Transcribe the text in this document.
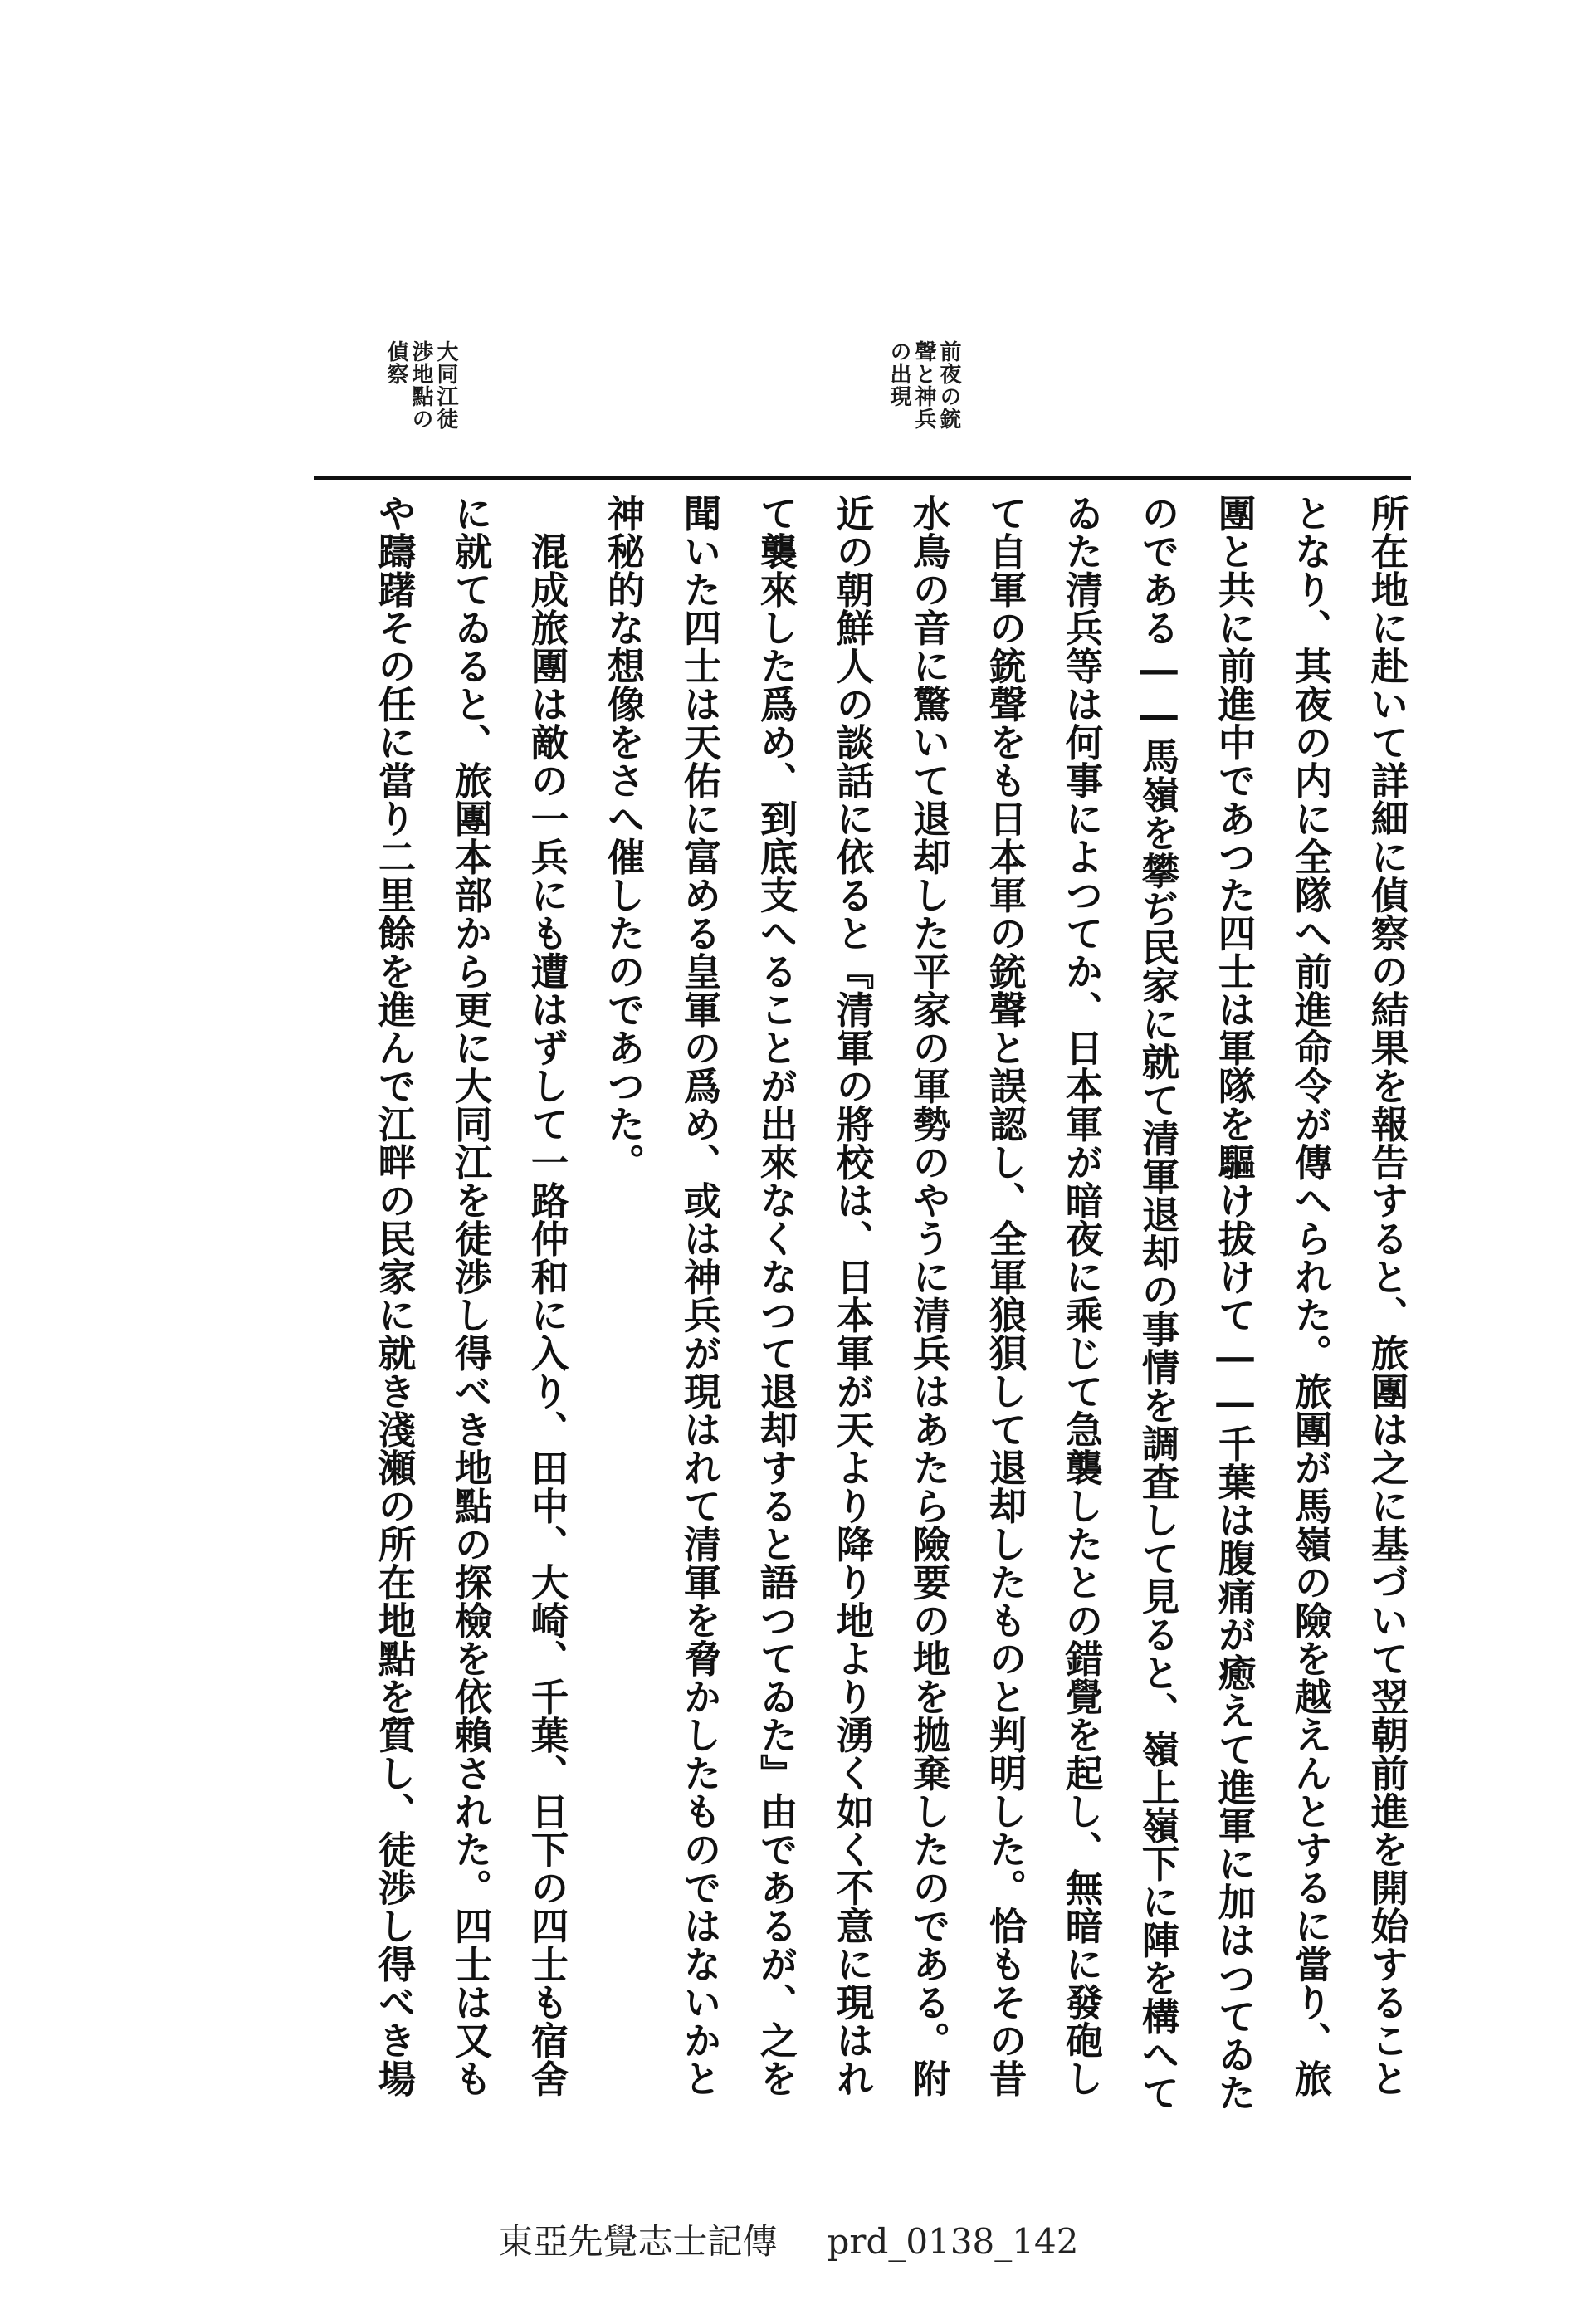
前夜の銃
聲と神兵
の出現
大同江徒
渉地點の
偵察
所在地に赴いて詳細に偵察の結果を報告すると、旅團は之に基づいて翌朝前進を開始すること
となり、其夜の内に全隊へ前進命令が傳へられた。旅團が馬嶺の險を越えんとするに當り、旅
團と共に前進中であつた四士は軍隊を驅け拔けて――千葉は腹痛が癒えて進軍に加はつてゐた
のである――馬嶺を攀ぢ民家に就て清軍退却の事情を調査して見ると、嶺上嶺下に陣を構へて
ゐた清兵等は何事によつてか、日本軍が暗夜に乘じて急襲したとの錯覺を起し、無暗に發砲し
て自軍の銃聲をも日本軍の銃聲と誤認し、全軍狼狽して退却したものと判明した。恰もその昔
水鳥の音に驚いて退却した平家の軍勢のやうに清兵はあたら險要の地を拋棄したのである。附
近の朝鮮人の談話に依ると『清軍の將校は、日本軍が天より降り地より湧く如く不意に現はれ
て襲來した爲め、到底支へることが出來なくなつて退却すると語つてゐた』由であるが、之を
聞いた四士は天佑に富める皇軍の爲め、或は神兵が現はれて清軍を脅かしたものではないかと
神秘的な想像をさへ催したのであつた。
　混成旅團は敵の一兵にも遭はずして一路仲和に入り、田中、大崎、千葉、日下の四士も宿舍
に就てゐると、旅團本部から更に大同江を徒渉し得べき地點の探檢を依賴された。四士は又も
や躊躇その任に當り二里餘を進んで江畔の民家に就き淺瀬の所在地點を質し、徒渉し得べき場
東亞先覺志士記傳 prd_0138_142
